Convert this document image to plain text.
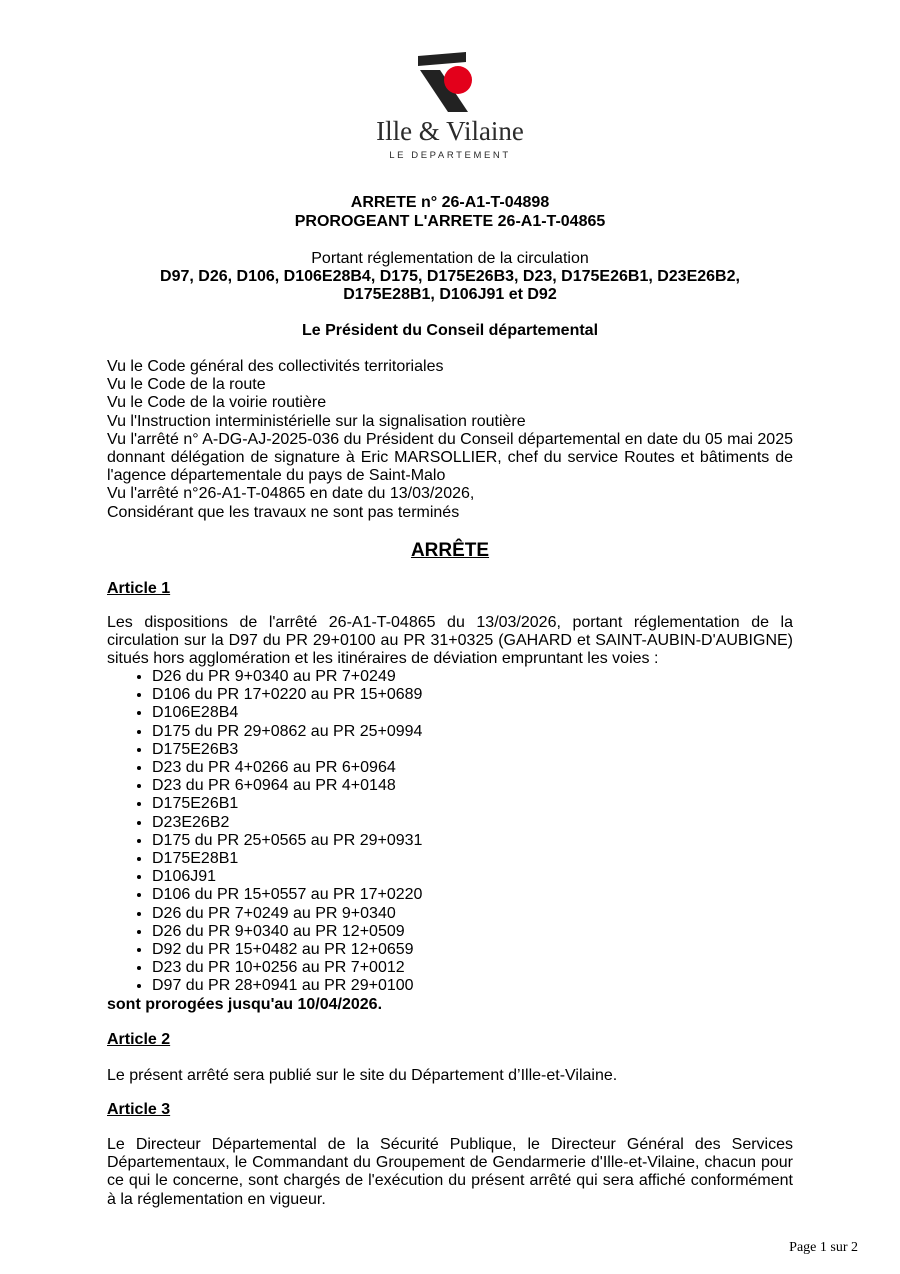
Ille & Vilaine
LE DEPARTEMENT
ARRETE n° 26-A1-T-04898
PROROGEANT L'ARRETE 26-A1-T-04865
Portant réglementation de la circulation
D97, D26, D106, D106E28B4, D175, D175E26B3, D23, D175E26B1, D23E26B2,
D175E28B1, D106J91 et D92
Le Président du Conseil départemental
Vu le Code général des collectivités territoriales
Vu le Code de la route
Vu le Code de la voirie routière
Vu l'Instruction interministérielle sur la signalisation routière
Vu l'arrêté n° A-DG-AJ-2025-036 du Président du Conseil départemental en date du 05 mai 2025 donnant délégation de signature à Eric MARSOLLIER, chef du service Routes et bâtiments de l'agence départementale du pays de Saint-Malo
Vu l'arrêté n°26-A1-T-04865 en date du 13/03/2026,
Considérant que les travaux ne sont pas terminés
ARRÊTE
Article 1
Les dispositions de l'arrêté 26-A1-T-04865 du 13/03/2026, portant réglementation de la circulation sur la D97 du PR 29+0100 au PR 31+0325 (GAHARD et SAINT-AUBIN-D'AUBIGNE) situés hors agglomération et les itinéraires de déviation empruntant les voies :
• D26 du PR 9+0340 au PR 7+0249
• D106 du PR 17+0220 au PR 15+0689
• D106E28B4
• D175 du PR 29+0862 au PR 25+0994
• D175E26B3
• D23 du PR 4+0266 au PR 6+0964
• D23 du PR 6+0964 au PR 4+0148
• D175E26B1
• D23E26B2
• D175 du PR 25+0565 au PR 29+0931
• D175E28B1
• D106J91
• D106 du PR 15+0557 au PR 17+0220
• D26 du PR 7+0249 au PR 9+0340
• D26 du PR 9+0340 au PR 12+0509
• D92 du PR 15+0482 au PR 12+0659
• D23 du PR 10+0256 au PR 7+0012
• D97 du PR 28+0941 au PR 29+0100
sont prorogées jusqu'au 10/04/2026.
Article 2
Le présent arrêté sera publié sur le site du Département d’Ille-et-Vilaine.
Article 3
Le Directeur Départemental de la Sécurité Publique, le Directeur Général des Services Départementaux, le Commandant du Groupement de Gendarmerie d'Ille-et-Vilaine, chacun pour ce qui le concerne, sont chargés de l'exécution du présent arrêté qui sera affiché conformément à la réglementation en vigueur.
Page 1 sur 2
